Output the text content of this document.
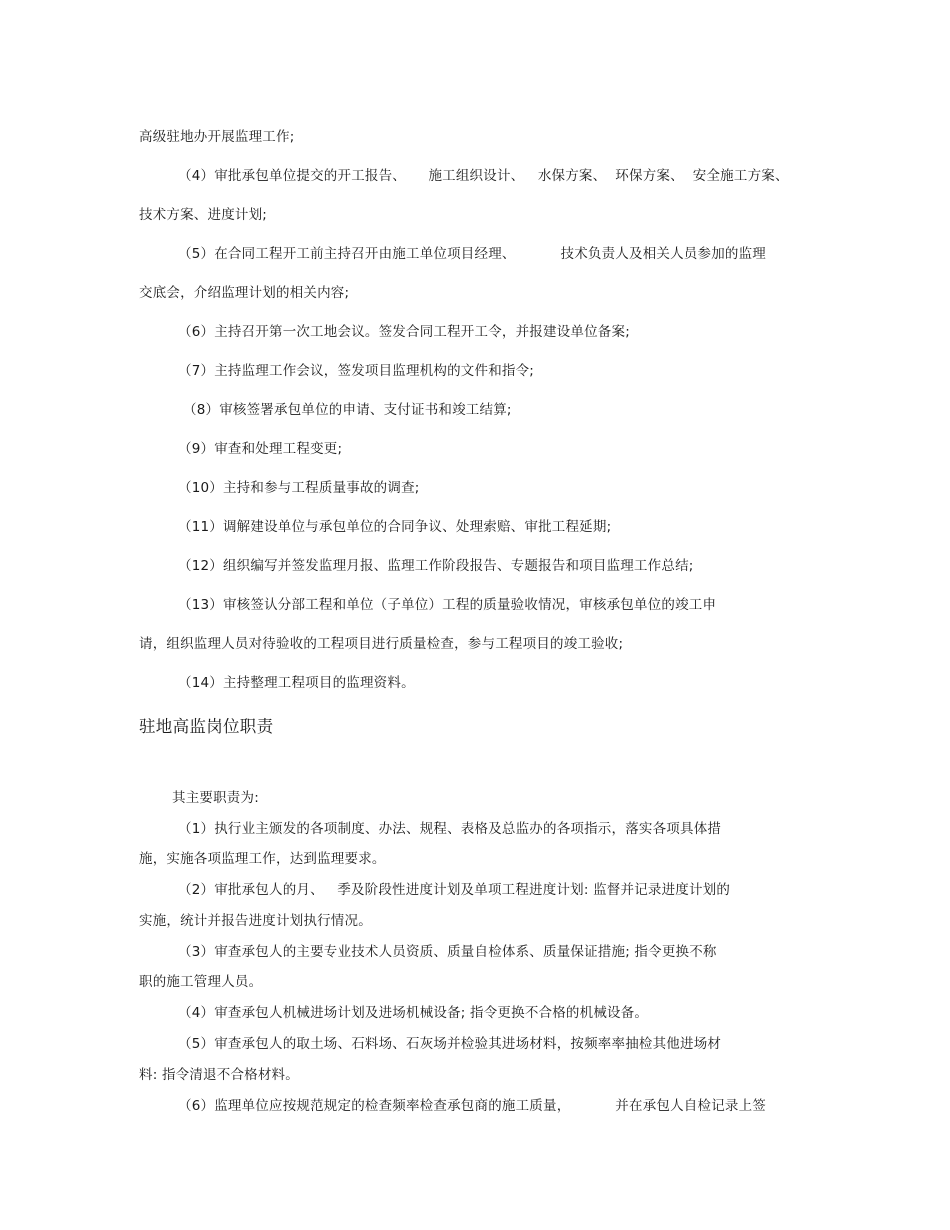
高级驻地办开展监理工作;
（4）审批承包单位提交的开工报告、     施工组织设计、   水保方案、  环保方案、  安全施工方案、
技术方案、进度计划;
（5）在合同工程开工前主持召开由施工单位项目经理、          技术负责人及相关人员参加的监理
交底会，介绍监理计划的相关内容;
（6）主持召开第一次工地会议。签发合同工程开工令，并报建设单位备案;
（7）主持监理工作会议，签发项目监理机构的文件和指令;
（8）审核签署承包单位的申请、支付证书和竣工结算;
（9）审查和处理工程变更;
（10）主持和参与工程质量事故的调查;
（11）调解建设单位与承包单位的合同争议、处理索赔、审批工程延期;
（12）组织编写并签发监理月报、监理工作阶段报告、专题报告和项目监理工作总结;
（13）审核签认分部工程和单位（子单位）工程的质量验收情况，审核承包单位的竣工申
请，组织监理人员对待验收的工程项目进行质量检查，参与工程项目的竣工验收;
（14）主持整理工程项目的监理资料。
驻地高监岗位职责
其主要职责为:
（1）执行业主颁发的各项制度、办法、规程、表格及总监办的各项指示，落实各项具体措
施，实施各项监理工作，达到监理要求。
（2）审批承包人的月、   季及阶段性进度计划及单项工程进度计划: 监督并记录进度计划的
实施，统计并报告进度计划执行情况。
（3）审查承包人的主要专业技术人员资质、质量自检体系、质量保证措施; 指令更换不称
职的施工管理人员。
（4）审查承包人机械进场计划及进场机械设备; 指令更换不合格的机械设备。
（5）审查承包人的取土场、石料场、石灰场并检验其进场材料，按频率率抽检其他进场材
料: 指令清退不合格材料。
（6）监理单位应按规范规定的检查频率检查承包商的施工质量，          并在承包人自检记录上签
